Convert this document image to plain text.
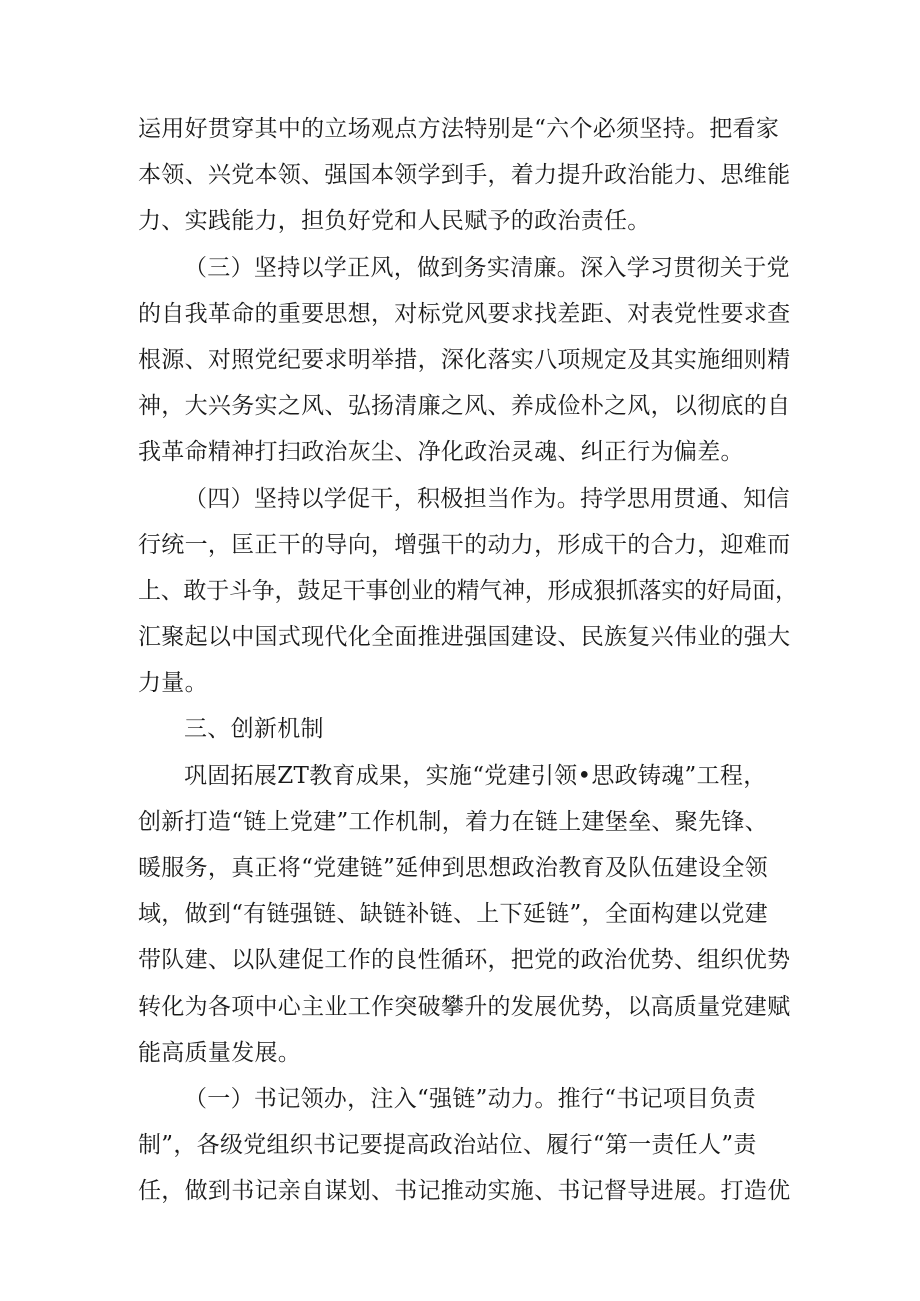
运用好贯穿其中的立场观点方法特别是“六个必须坚持。把看家
本领、兴党本领、强国本领学到手，着力提升政治能力、思维能
力、实践能力，担负好党和人民赋予的政治责任。
（三）坚持以学正风，做到务实清廉。深入学习贯彻关于党
的自我革命的重要思想，对标党风要求找差距、对表党性要求查
根源、对照党纪要求明举措，深化落实八项规定及其实施细则精
神，大兴务实之风、弘扬清廉之风、养成俭朴之风，以彻底的自
我革命精神打扫政治灰尘、净化政治灵魂、纠正行为偏差。
（四）坚持以学促干，积极担当作为。持学思用贯通、知信
行统一，匡正干的导向，增强干的动力，形成干的合力，迎难而
上、敢于斗争，鼓足干事创业的精气神，形成狠抓落实的好局面，
汇聚起以中国式现代化全面推进强国建设、民族复兴伟业的强大
力量。
三、创新机制
巩固拓展ZT教育成果，实施“党建引领•思政铸魂”工程，
创新打造“链上党建”工作机制，着力在链上建堡垒、聚先锋、
暖服务，真正将“党建链”延伸到思想政治教育及队伍建设全领
域，做到“有链强链、缺链补链、上下延链”，全面构建以党建
带队建、以队建促工作的良性循环，把党的政治优势、组织优势
转化为各项中心主业工作突破攀升的发展优势，以高质量党建赋
能高质量发展。
（一）书记领办，注入“强链”动力。推行“书记项目负责
制”，各级党组织书记要提高政治站位、履行“第一责任人”责
任，做到书记亲自谋划、书记推动实施、书记督导进展。打造优
